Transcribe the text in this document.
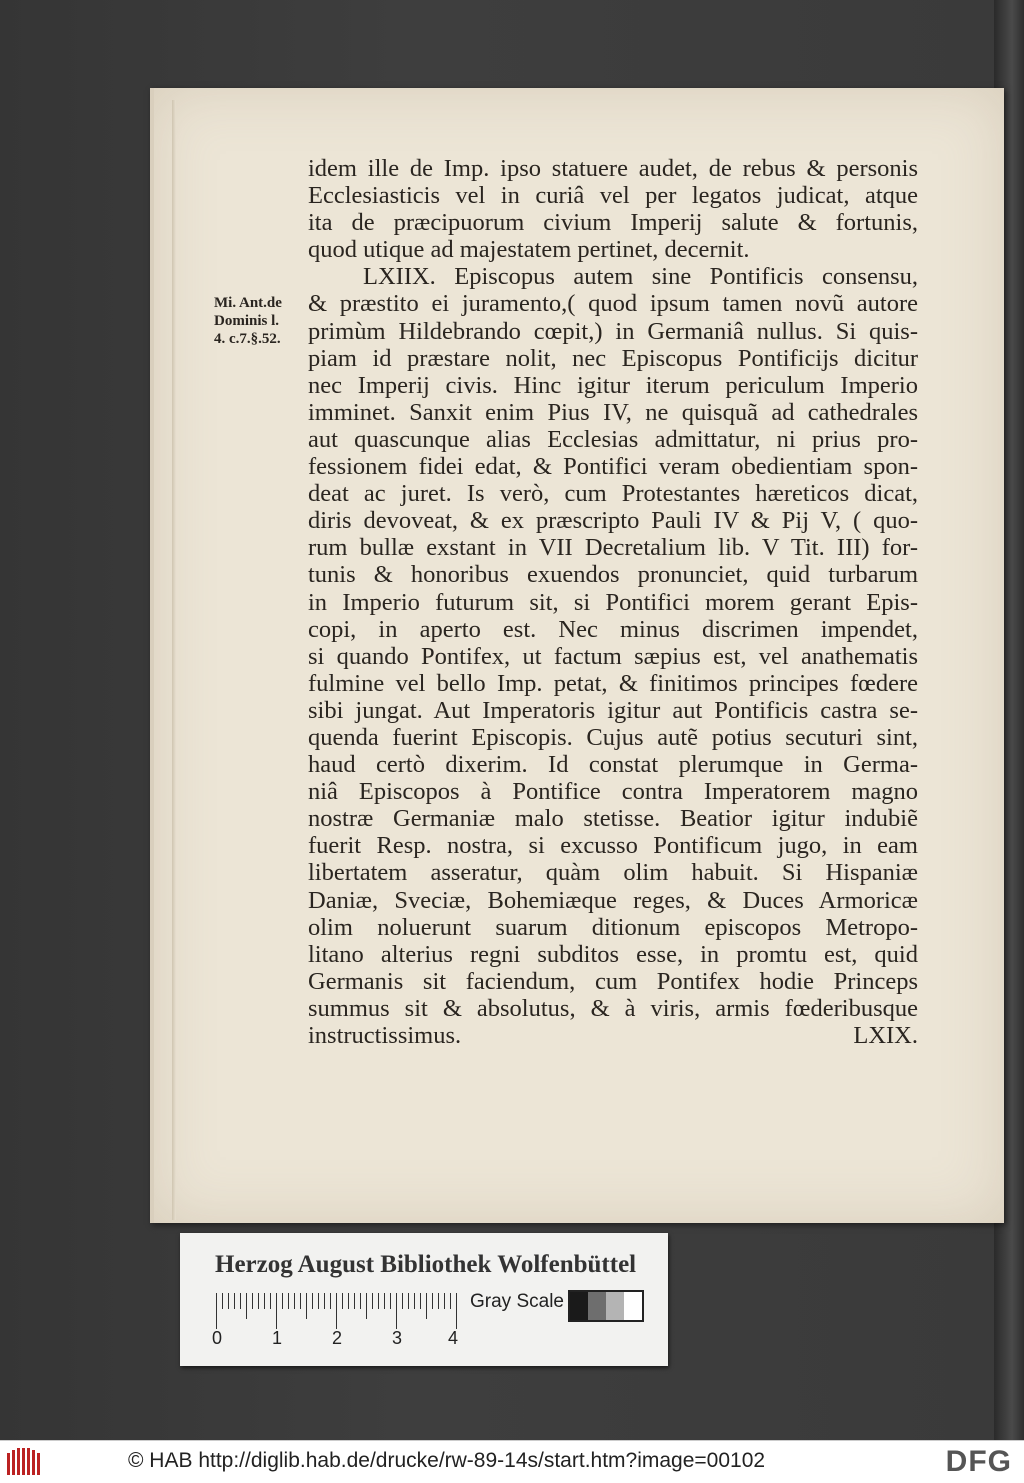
Mi. Ant.de
Dominis l.
4. c.7.§.52.
idem ille de Imp. ipso statuere audet, de rebus & personis
Ecclesiasticis vel in curiâ vel per legatos judicat, atque
ita de præcipuorum civium Imperij salute & fortunis,
quod utique ad majestatem pertinet, decernit.
LXIIX. Episcopus autem sine Pontificis consensu,
& præstito ei juramento,( quod ipsum tamen novũ autore
primùm Hildebrando cœpit,) in Germaniâ nullus. Si quis-
piam id præstare nolit, nec Episcopus Pontificijs dicitur
nec Imperij civis. Hinc igitur iterum periculum Imperio
imminet. Sanxit enim Pius IV, ne quisquã ad cathedrales
aut quascunque alias Ecclesias admittatur, ni prius pro-
fessionem fidei edat, & Pontifici veram obedientiam spon-
deat ac juret. Is verò, cum Protestantes hæreticos dicat,
diris devoveat, & ex præscripto Pauli IV & Pij V, ( quo-
rum bullæ exstant in VII Decretalium lib. V Tit. III) for-
tunis & honoribus exuendos pronunciet, quid turbarum
in Imperio futurum sit, si Pontifici morem gerant Epis-
copi, in aperto est. Nec minus discrimen impendet,
si quando Pontifex, ut factum sæpius est, vel anathematis
fulmine vel bello Imp. petat, & finitimos principes fœdere
sibi jungat. Aut Imperatoris igitur aut Pontificis castra se-
quenda fuerint Episcopis. Cujus autẽ potius secuturi sint,
haud certò dixerim. Id constat plerumque in Germa-
niâ Episcopos à Pontifice contra Imperatorem magno
nostræ Germaniæ malo stetisse. Beatior igitur indubiẽ
fuerit Resp. nostra, si excusso Pontificum jugo, in eam
libertatem asseratur, quàm olim habuit. Si Hispaniæ
Daniæ, Sveciæ, Bohemiæque reges, & Duces Armoricæ
olim noluerunt suarum ditionum episcopos Metropo-
litano alterius regni subditos esse, in promtu est, quid
Germanis sit faciendum, cum Pontifex hodie Princeps
summus sit & absolutus, & à viris, armis fœderibusque
instructissimus.	LXIX.
Herzog August Bibliothek Wolfenbüttel
0	1	2	3	4
Gray Scale
© HAB http://diglib.hab.de/drucke/rw-89-14s/start.htm?image=00102	DFG
